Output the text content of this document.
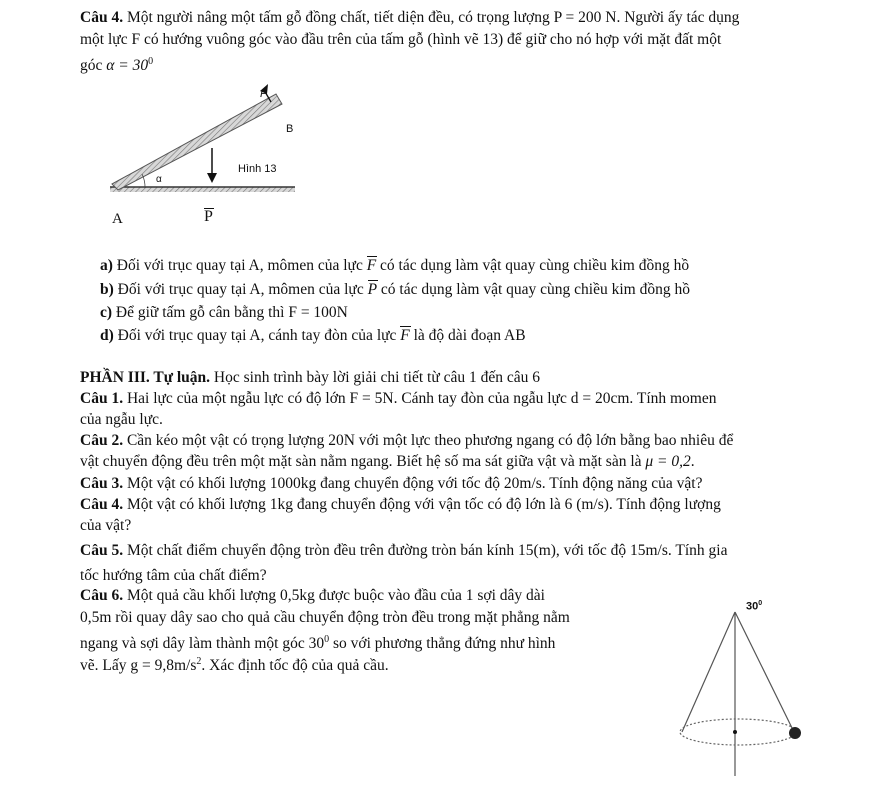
Câu 4. Một người nâng một tấm gỗ đồng chất, tiết diện đều, có trọng lượng P = 200 N. Người ấy tác dụng
một lực F có hướng vuông góc vào đầu trên của tấm gỗ (hình vẽ 13) để giữ cho nó hợp với mặt đất một
góc $\alpha = 30^0$
F
B
Hình 13
α
A	P
a) Đối với trục quay tại A, mômen của lực F có tác dụng làm vật quay cùng chiều kim đồng hồ
b) Đối với trục quay tại A, mômen của lực P có tác dụng làm vật quay cùng chiều kim đồng hồ
c) Để giữ tấm gỗ cân bằng thì F = 100N
d) Đối với trục quay tại A, cánh tay đòn của lực F là độ dài đoạn AB
PHẦN III. Tự luận. Học sinh trình bày lời giải chi tiết từ câu 1 đến câu 6
Câu 1. Hai lực của một ngẫu lực có độ lớn F = 5N. Cánh tay đòn của ngẫu lực d = 20cm. Tính momen
của ngẫu lực.
Câu 2. Cần kéo một vật có trọng lượng 20N với một lực theo phương ngang có độ lớn bằng bao nhiêu để
vật chuyển động đều trên một mặt sàn nằm ngang. Biết hệ số ma sát giữa vật và mặt sàn là μ = 0,2.
Câu 3. Một vật có khối lượng 1000kg đang chuyển động với tốc độ 20m/s. Tính động năng của vật?
Câu 4. Một vật có khối lượng 1kg đang chuyển động với vận tốc có độ lớn là 6 (m/s). Tính động lượng
của vật?
Câu 5. Một chất điểm chuyển động tròn đều trên đường tròn bán kính 15(m), với tốc độ 15m/s. Tính gia
tốc hướng tâm của chất điểm?
Câu 6. Một quả cầu khối lượng 0,5kg được buộc vào đầu của 1 sợi dây dài
0,5m rồi quay dây sao cho quả cầu chuyển động tròn đều trong mặt phẳng nằm
ngang và sợi dây làm thành một góc $30^0$ so với phương thẳng đứng như hình
vẽ. Lấy $g = 9,8m/s^2$. Xác định tốc độ của quả cầu.
$30^0$
